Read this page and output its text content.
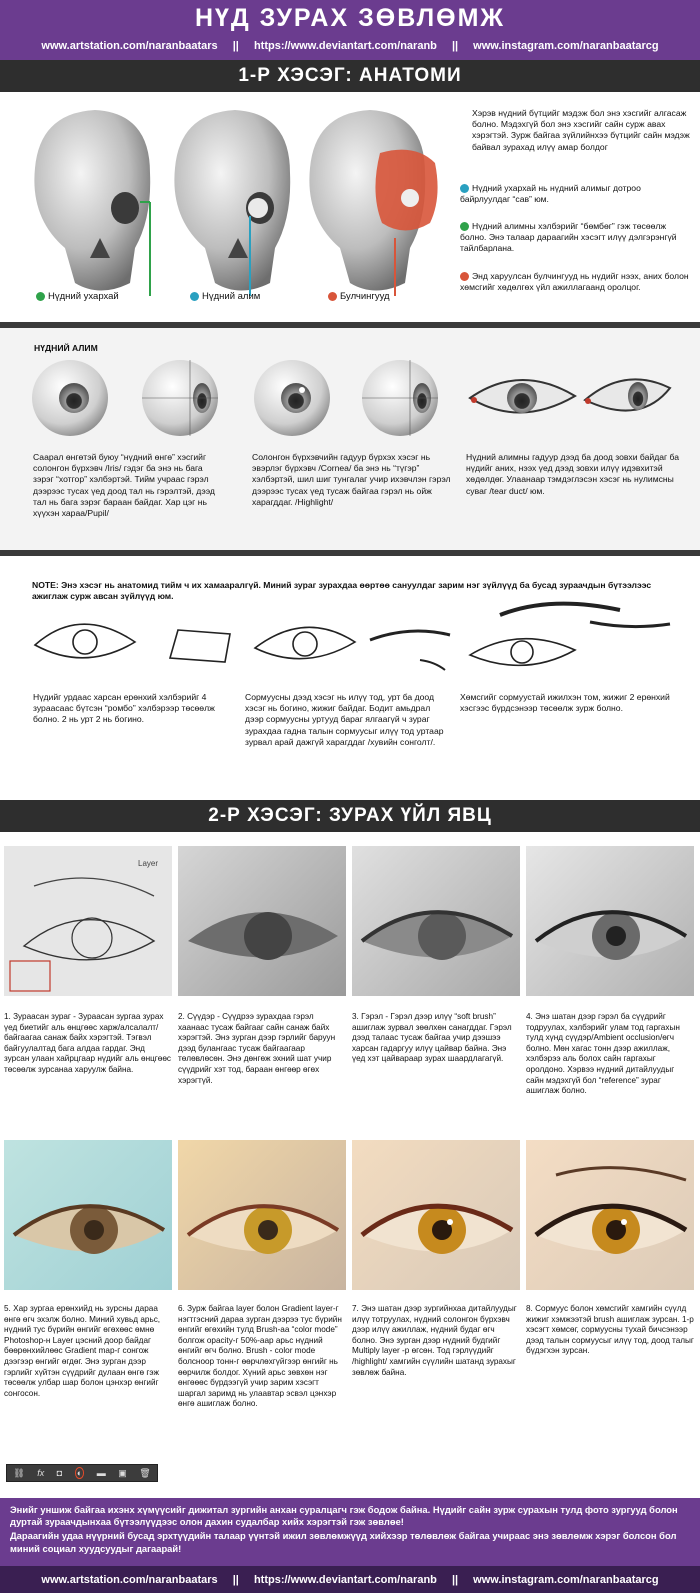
НҮД ЗУРАХ ЗӨВЛӨМЖ
www.artstation.com/naranbaatars || https://www.deviantart.com/naranb || www.instagram.com/naranbaatarcg
1-Р ХЭСЭГ: АНАТОМИ
Нүдний ухархай	Нүдний алим	Булчингууд
Хэрэв нүдний бүтцийг мэдэж бол энэ хэсгийг алгасаж болно. Мэдэхгүй бол энэ хэсгийг сайн сурж авах хэрэгтэй. Зурж байгаа зүйлийнхээ бүтцийг сайн мэдэж байвал зурахад илүү амар болдог
Нүдний ухархай нь нүдний алимыг дотроо байрлуулдаг “сав” юм.
Нүдний алимны хэлбэрийг “бөмбөг” гэж төсөөлж болно. Энэ талаар дараагийн хэсэгт илүү дэлгэрэнгүй тайлбарлана.
Энд харуулсан булчингууд нь нүдийг нээх, аних болон хөмсгийг хөдөлгөх үйл ажиллагаанд оролцог.
НҮДНИЙ АЛИМ
Саарал өнгөтэй буюу “нүдний өнгө” хэсгийг солонгон бүрхэвч /Iris/ гэдэг ба энэ нь бага зэрэг “хотгор” хэлбэртэй. Тийм учраас гэрэл дээрээс тусах үед доод тал нь гэрэлтэй, дээд тал нь бага зэрэг бараан байдаг. Хар цэг нь хүүхэн хараа/Pupil/
Солонгон бүрхэвчийн гадуур бүрхэх хэсэг нь эвэрлэг бүрхэвч /Cornea/ ба энэ нь “түгэр” хэлбэртэй, шил шиг тунгалаг учир ихэвчлэн гэрэл дээрээс тусах үед тусаж байгаа гэрэл нь ойж харагддаг. /Highlight/
Нүдний алимны гадуур дээд ба доод зовхи байдаг ба нүдийг аних, нээх үед дээд зовхи илүү идэвхитэй хөдөлдөг. Улаанаар тэмдэглэсэн хэсэг нь нулимсны суваг /tear duct/ юм.
NOTE: Энэ хэсэг нь анатомид тийм ч их хамааралгүй. Миний зураг зурахдаа өөртөө сануулдаг зарим нэг зүйлүүд ба бусад зураачдын бүтээлээс ажиглаж сурж авсан зүйлүүд юм.
Нүдийг урдаас харсан ерөнхий хэлбэрийг 4 зураасаас бүтсэн “ромбо” хэлбэрээр төсөөлж болно. 2 нь урт 2 нь богино.
Сормуусны дээд хэсэг нь илүү тод, урт ба доод хэсэг нь богино, жижиг байдаг. Бодит амьдрал дээр сормуусны уртууд бараг ялгаагүй ч зураг зурахдаа гадна талын сормуусыг илүү тод уртаар зурвал арай дажгүй харагддаг /хувийн сонголт/.
Хөмсгийг сормуустай ижилхэн том, жижиг 2 ерөнхий хэсгээс бүрдсэнээр төсөөлж зурж болно.
2-Р ХЭСЭГ: ЗУРАХ ҮЙЛ ЯВЦ
Layer
1. Зураасан зураг - Зураасан зургаа зурах үед биетийг аль өнцгөөс харж/алсалалт/ байгаагаа санаж байх хэрэгтэй. Тэгвэл байгуулалтад бага алдаа гардаг. Энд зурсан улаан хайрцгаар нүдийг аль өнцгөөс төсөөлж зурсанаа харуулж байна.
2. Сүүдэр - Сүүдрээ зурахдаа гэрэл хаанаас тусаж байгааг сайн санаж байх хэрэгтэй. Энэ зурган дээр гэрлийг баруун дээд булангаас тусаж байгаагаар төлөвлөсөн. Энэ дөнгөж эхний шат учир сүүдрийг хэт тод, бараан өнгөөр өгөх хэрэгтүй.
3. Гэрэл - Гэрэл дээр илүү “soft brush” ашиглаж зурвал зөөлхөн санагддаг. Гэрэл дээд талаас тусаж байгаа учир дээшээ харсан гадаргуу илүү цайвар байна. Энэ үед хэт цайвараар зурах шаардлагагүй.
4. Энэ шатан дээр гэрэл ба сүүдрийг тодруулах, хэлбэрийг улам тод гаргахын тулд хүнд сүүдэр/Ambient occlusion/өгч болно. Мөн хагас тонн дээр ажиллаж, хэлбэрээ аль болох сайн гаргахыг оролдоно. Хэрвээ нүдний дитайлуудыг сайн мэдэхгүй бол “reference” зураг ашиглаж болно.
5. Хар зургаа ерөнхийд нь зурсны дараа өнгө өгч эхэлж болно. Миний хувьд арьс, нүдний тус бүрийн өнгийг өгөхөөс өмнө Photoshop-н Layer цэсний доор байдаг бөөрөнхийлөөс Gradient map-г сонгож дээгээр өнгийг өгдөг. Энэ зурган дээр гэрлийг хүйтэн сүүдрийг дулаан өнгө гэж төсөөлж улбар шар болон цэнхэр өнгийг сонгосон.
6. Зурж байгаа layer болон Gradient layer-г нэгтгэсний дараа зурган дээрээ тус бүрийн өнгийг өгөхийн тулд Brush-аа “color mode” болгож opacity-г 50%-аар арьс нүдний өнгийг өгч болно. Brush - color mode болсноор тонн-г өөрчлөхгүйгээр өнгийг нь өөрчилж болдог. Хүний арьс зөвхөн нэг өнгөөөс бүрдээгүй учир зарим хэсэгт шаргал заримд нь улаавтар эсвэл цэнхэр өнгө ашиглаж болно.
7. Энэ шатан дээр зургийнхаа дитайлуудыг илүү тотруулах, нүдний солонгон бүрхэвч дээр илүү ажиллаж, нүдний будаг өгч болно. Энэ зурган дээр нүдний будгийг Multiply layer -р өгсөн. Тод гэрлүүдийг /highlight/ хамгийн сүүлийн шатанд зурахыг зөвлөж байна.
8. Сормуус болон хөмсгийг хамгийн сүүлд жижиг хэмжээтэй brush ашиглаж зурсан. 1-р хэсэгт хөмсөг, сормуусны тухай бичсэнээр дээд талын сормуусыг илүү тод, доод талыг бүдэгхэн зурсан.
⛓ fx ◘ ◐ ▬ ▣ 🗑

Энийг уншиж байгаа ихэнх хүмүүсийг дижитал зургийн анхан суралцагч гэж бодож байна. Нүдийг сайн зурж сурахын тулд фото зургууд болон дуртай зураачдынхаа бүтээлүүдээс олон дахин судалбар хийх хэрэгтэй гэж зөвлөе!

Дараагийн удаа нүүрний бусад эрхтүүдийн талаар үүнтэй ижил зөвлөмжүүд хийхээр төлөвлөж байгаа учираас энэ зөвлөмж хэрэг болсон бол миний социал хуудсуудыг дагаарай!

www.artstation.com/naranbaatars || https://www.deviantart.com/naranb || www.instagram.com/naranbaatarcg
